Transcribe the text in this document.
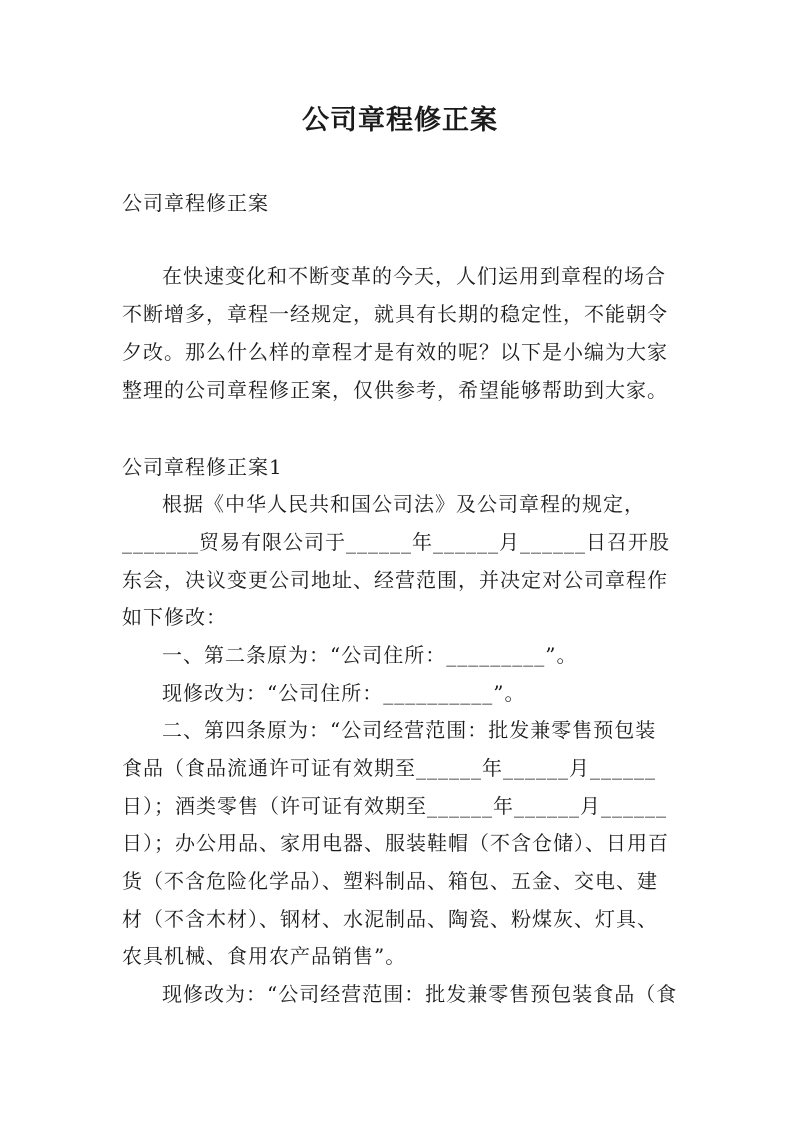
公司章程修正案
公司章程修正案
在快速变化和不断变革的今天，人们运用到章程的场合
不断增多，章程一经规定，就具有长期的稳定性，不能朝令
夕改。那么什么样的章程才是有效的呢？以下是小编为大家
整理的公司章程修正案，仅供参考，希望能够帮助到大家。
公司章程修正案1
根据《中华人民共和国公司法》及公司章程的规定，
_______贸易有限公司于______年______月______日召开股
东会，决议变更公司地址、经营范围，并决定对公司章程作
如下修改：
一、第二条原为：“公司住所：_________”。
现修改为：“公司住所：__________”。
二、第四条原为：“公司经营范围：批发兼零售预包装
食品（食品流通许可证有效期至______年______月______
日）；酒类零售（许可证有效期至______年______月______
日）；办公用品、家用电器、服装鞋帽（不含仓储）、日用百
货（不含危险化学品）、塑料制品、箱包、五金、交电、建
材（不含木材）、钢材、水泥制品、陶瓷、粉煤灰、灯具、
农具机械、食用农产品销售”。
现修改为：“公司经营范围：批发兼零售预包装食品（食
